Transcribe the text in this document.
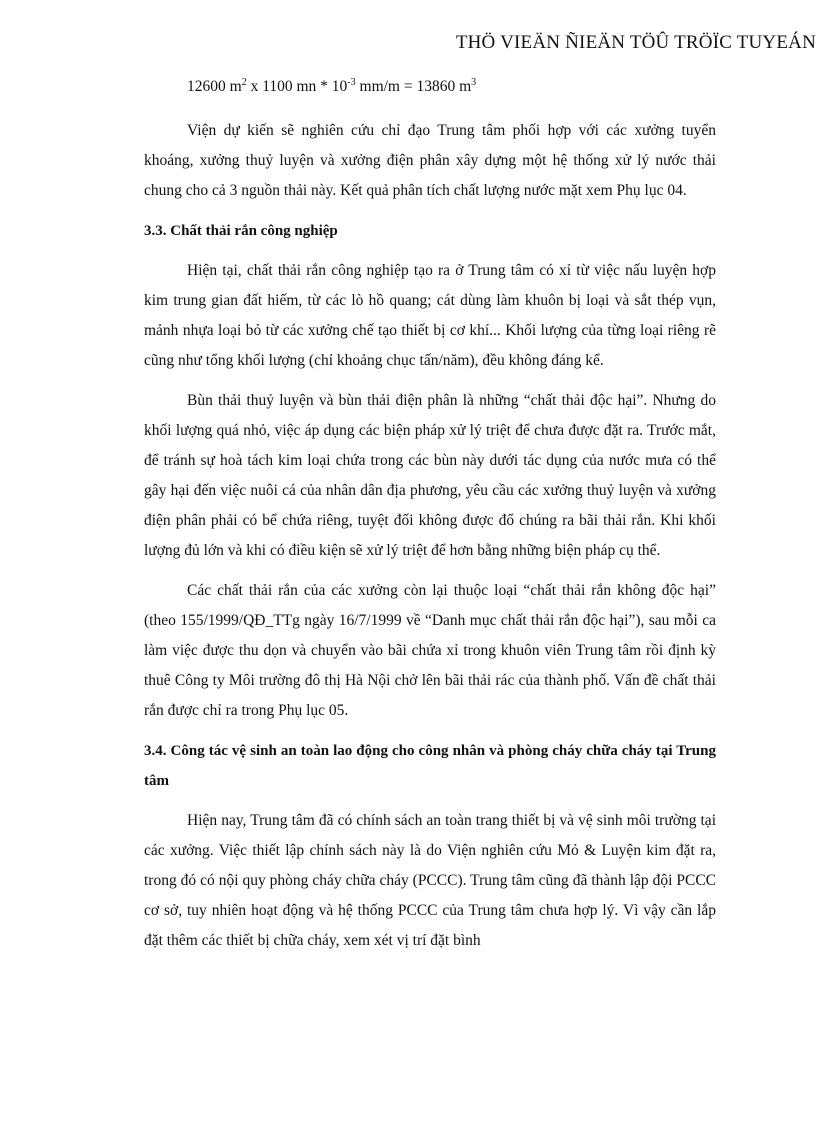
THÖ VIEÄN ÑIEÄN TÖÛ TRÖÏC TUYEÁN
12600 $m^2$ x 1100 mn * $10^{-3}$ mm/m = 13860 $m^3$

Viện dự kiến sẽ nghiên cứu chỉ đạo Trung tâm phối hợp với các xưởng tuyển khoáng, xưởng thuỷ luyện và xưởng điện phân xây dựng một hệ thống xử lý nước thải chung cho cả 3 nguồn thải này. Kết quả phân tích chất lượng nước mặt xem Phụ lục 04.

3.3. Chất thải rắn công nghiệp

Hiện tại, chất thải rắn công nghiệp tạo ra ở Trung tâm có xỉ từ việc nấu luyện hợp kim trung gian đất hiếm, từ các lò hồ quang; cát dùng làm khuôn bị loại và sắt thép vụn, mảnh nhựa loại bỏ từ các xưởng chế tạo thiết bị cơ khí... Khối lượng của từng loại riêng rẽ cũng như tổng khối lượng (chỉ khoảng chục tấn/năm), đều không đáng kể.

Bùn thải thuỷ luyện và bùn thải điện phân là những “chất thải độc hại”. Nhưng do khối lượng quá nhỏ, việc áp dụng các biện pháp xử lý triệt để chưa được đặt ra. Trước mắt, để tránh sự hoà tách kim loại chứa trong các bùn này dưới tác dụng của nước mưa có thể gây hại đến việc nuôi cá của nhân dân địa phương, yêu cầu các xưởng thuỷ luyện và xưởng điện phân phải có bể chứa riêng, tuyệt đối không được đổ chúng ra bãi thải rắn. Khi khối lượng đủ lớn và khi có điều kiện sẽ xử lý triệt để hơn bằng những biện pháp cụ thể.

Các chất thải rắn của các xưởng còn lại thuộc loại “chất thải rắn không độc hại” (theo 155/1999/QĐ_TTg ngày 16/7/1999 về “Danh mục chất thải rắn độc hại”), sau mỗi ca làm việc được thu dọn và chuyển vào bãi chứa xỉ trong khuôn viên Trung tâm rồi định kỳ thuê Công ty Môi trường đô thị Hà Nội chở lên bãi thải rác của thành phố. Vấn đề chất thải rắn được chỉ ra trong Phụ lục 05.

3.4. Công tác vệ sinh an toàn lao động cho công nhân và phòng cháy chữa cháy tại Trung tâm

Hiện nay, Trung tâm đã có chính sách an toàn trang thiết bị và vệ sinh môi trường tại các xưởng. Việc thiết lập chính sách này là do Viện nghiên cứu Mỏ & Luyện kim đặt ra, trong đó có nội quy phòng cháy chữa cháy (PCCC). Trung tâm cũng đã thành lập đội PCCC cơ sở, tuy nhiên hoạt động và hệ thống PCCC của Trung tâm chưa hợp lý. Vì vậy cần lắp đặt thêm các thiết bị chữa cháy, xem xét vị trí đặt bình
